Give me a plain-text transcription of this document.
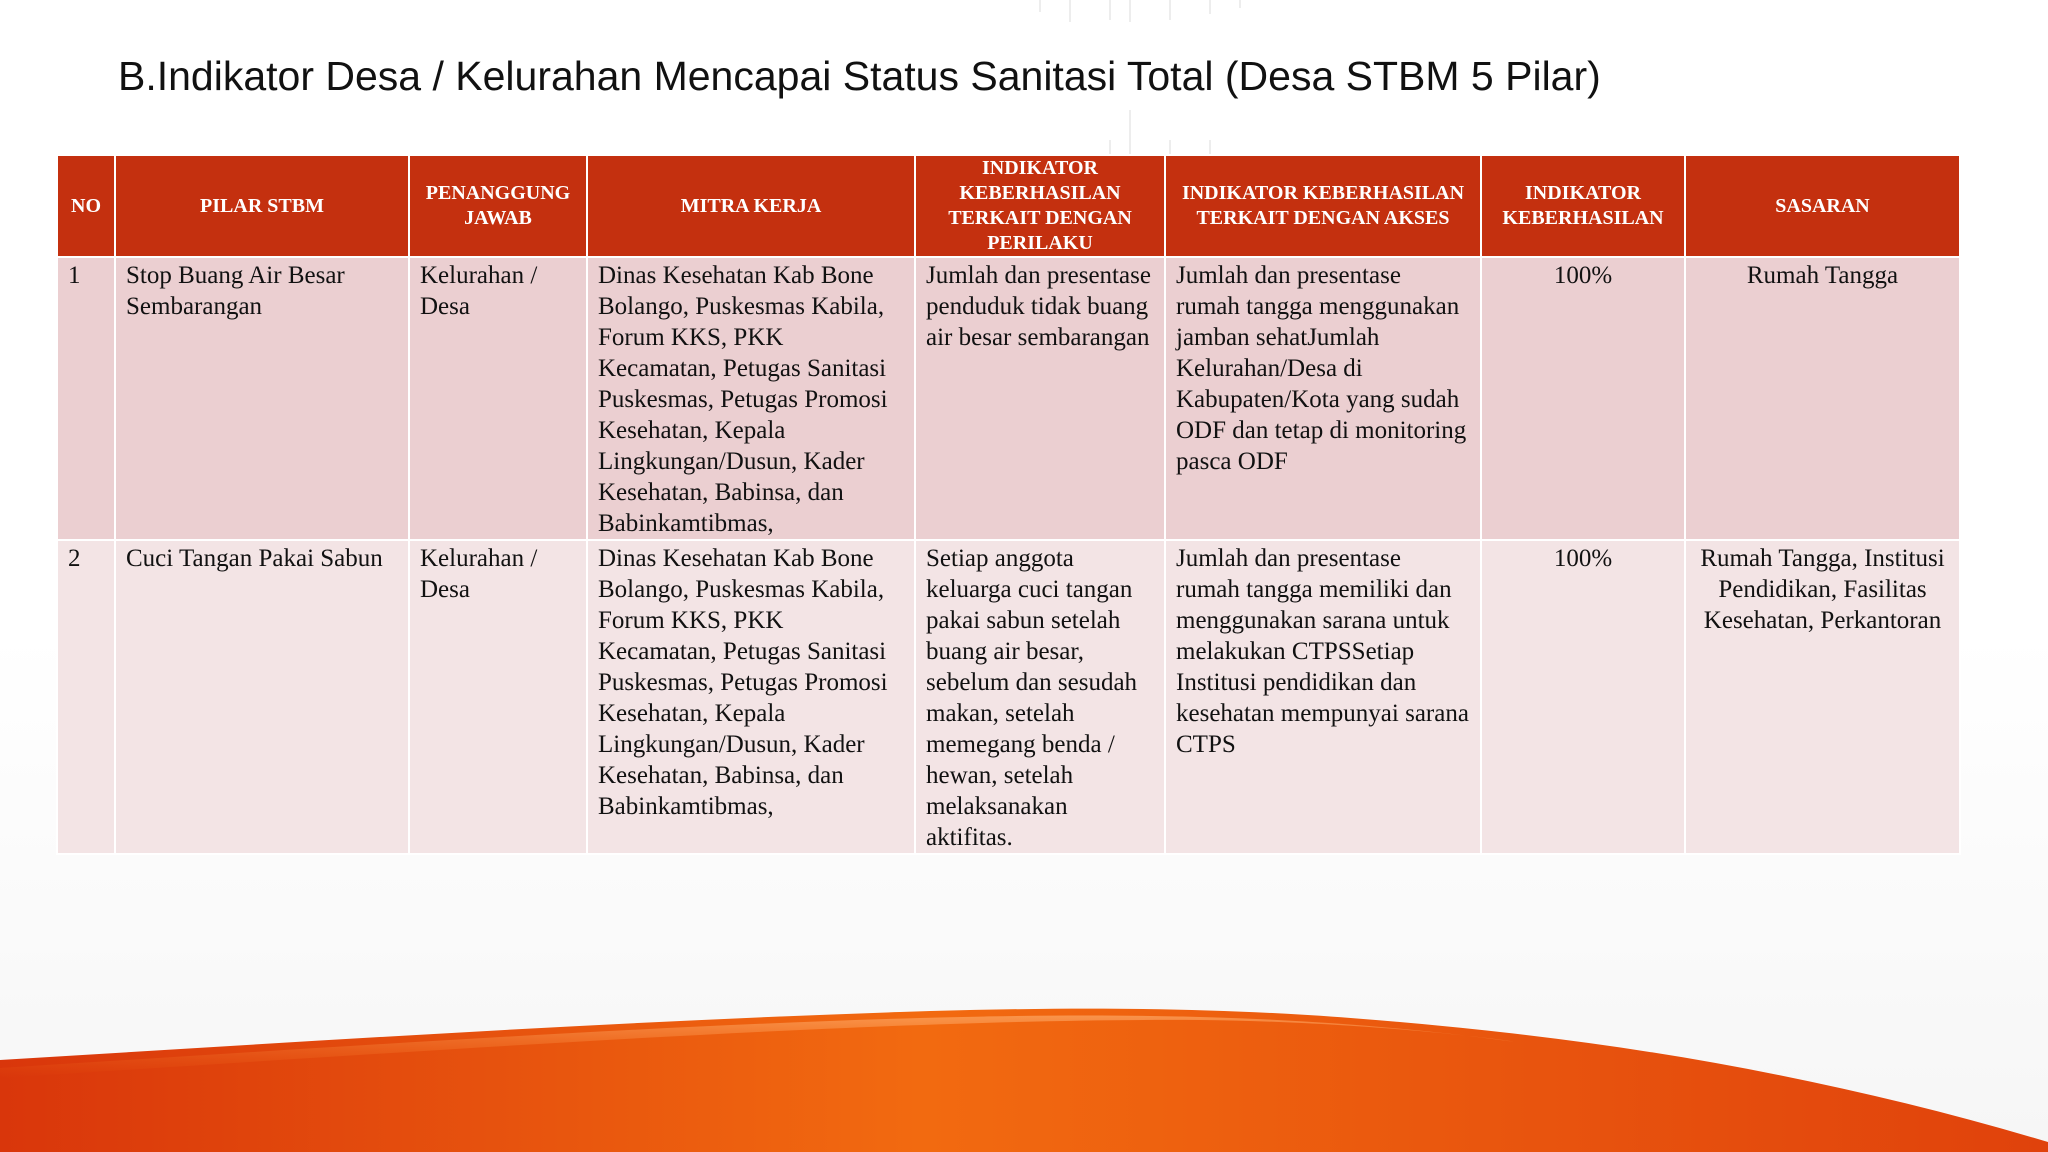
B.Indikator Desa / Kelurahan Mencapai Status Sanitasi Total (Desa STBM 5 Pilar)
NO	PILAR STBM	PENANGGUNG JAWAB	MITRA KERJA	INDIKATOR KEBERHASILAN TERKAIT DENGAN PERILAKU	INDIKATOR KEBERHASILAN TERKAIT DENGAN AKSES	INDIKATOR KEBERHASILAN	SASARAN
1	Stop Buang Air Besar Sembarangan	Kelurahan / Desa	Dinas Kesehatan Kab Bone Bolango, Puskesmas Kabila, Forum KKS, PKK Kecamatan, Petugas Sanitasi Puskesmas, Petugas Promosi Kesehatan, Kepala Lingkungan/Dusun, Kader Kesehatan, Babinsa, dan Babinkamtibmas,	Jumlah dan presentase penduduk tidak buang air besar sembarangan	Jumlah dan presentase rumah tangga menggunakan jamban sehatJumlah Kelurahan/Desa di Kabupaten/Kota yang sudah ODF dan tetap di monitoring pasca ODF	100%	Rumah Tangga
2	Cuci Tangan Pakai Sabun	Kelurahan / Desa	Dinas Kesehatan Kab Bone Bolango, Puskesmas Kabila, Forum KKS, PKK Kecamatan, Petugas Sanitasi Puskesmas, Petugas Promosi Kesehatan, Kepala Lingkungan/Dusun, Kader Kesehatan, Babinsa, dan Babinkamtibmas,	Setiap anggota keluarga cuci tangan pakai sabun setelah buang air besar, sebelum dan sesudah makan, setelah memegang benda / hewan, setelah melaksanakan aktifitas.	Jumlah dan presentase rumah tangga memiliki dan menggunakan sarana untuk melakukan CTPSSetiap Institusi pendidikan dan kesehatan mempunyai sarana CTPS	100%	Rumah Tangga, Institusi Pendidikan, Fasilitas Kesehatan, Perkantoran
